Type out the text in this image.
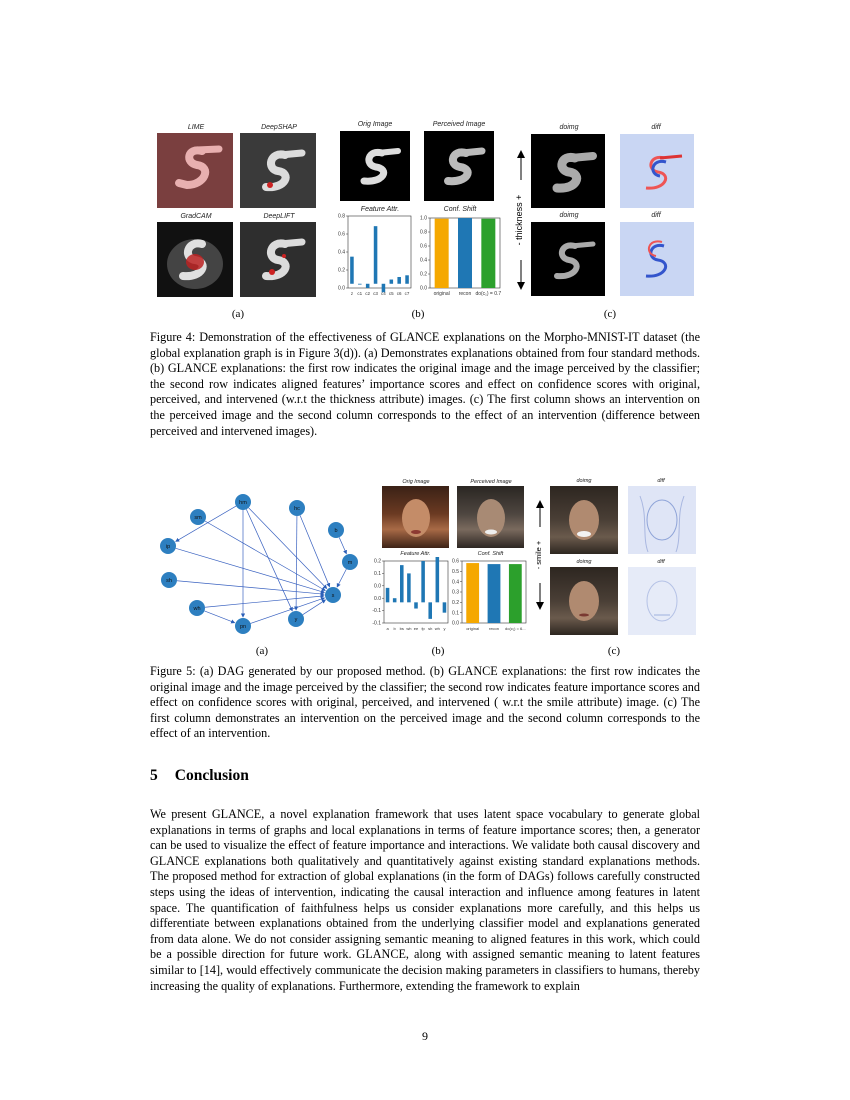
LIME	DeepSHAP
GradCAM	DeepLIFT
(a)
Orig Image	Perceived Image
Feature Attr.	Conf. Shift
0.8
0.6
0.4
0.2
0.0
z c1 c2 c3 c4 c5 c6 c7
1.0
0.8
0.6
0.4
0.2
0.0
original recon do(c₁) = 0.7
(b)
- thickness +
doimg	diff
doimg	diff
(c)
Figure 4: Demonstration of the effectiveness of GLANCE explanations on the Morpho-MNIST-IT dataset (the global explanation graph is in Figure 3(d)). (a) Demonstrates explanations obtained from four standard methods. (b) GLANCE explanations: the first row indicates the original image and the image perceived by the classifier; the second row indicates aligned features’ importance scores and effect on confidence scores with original, perceived, and intervened (w.r.t the thickness attribute) images. (c) The first column shows an intervention on the perceived image and the second column corresponds to the effect of an intervention (difference between perceived and intervened images).
hm
hc
sm
b
ip
m
sh
s
wh
y
pn
(a)
Orig Image	Perceived Image
Feature Attr.	Conf. Shift
0.2
0.1
0.0
0.0
-0.1
-0.1
a b bs wh ee fp sh wh y
0.6
0.5
0.4
0.3
0.2
0.1
0.0
original recon do(c₁) = 6...
(b)
- smile +
doimg	diff
doimg	diff
(c)
Figure 5: (a) DAG generated by our proposed method. (b) GLANCE explanations: the first row indicates the original image and the image perceived by the classifier; the second row indicates feature importance scores and effect on confidence scores with original, perceived, and intervened ( w.r.t the smile attribute) image. (c) The first column demonstrates an intervention on the perceived image and the second column corresponds to the effect of an intervention.
5 Conclusion
We present GLANCE, a novel explanation framework that uses latent space vocabulary to generate global explanations in terms of graphs and local explanations in terms of feature importance scores; then, a generator can be used to visualize the effect of feature importance and interactions. We validate both causal discovery and GLANCE explanations both qualitatively and quantitatively against existing standard explanations methods. The proposed method for extraction of global explanations (in the form of DAGs) follows carefully constructed steps using the ideas of intervention, indicating the causal interaction and influence among features in latent space. The quantification of faithfulness helps us consider explanations more carefully, and this helps us differentiate between explanations obtained from the underlying classifier model and explanations generated from data alone. We do not consider assigning semantic meaning to aligned features in this work, which could be a possible direction for future work. GLANCE, along with assigned semantic meaning to latent features similar to [14], would effectively communicate the decision making parameters in classifiers to humans, thereby increasing the quality of explanations. Furthermore, extending the framework to explain
9
